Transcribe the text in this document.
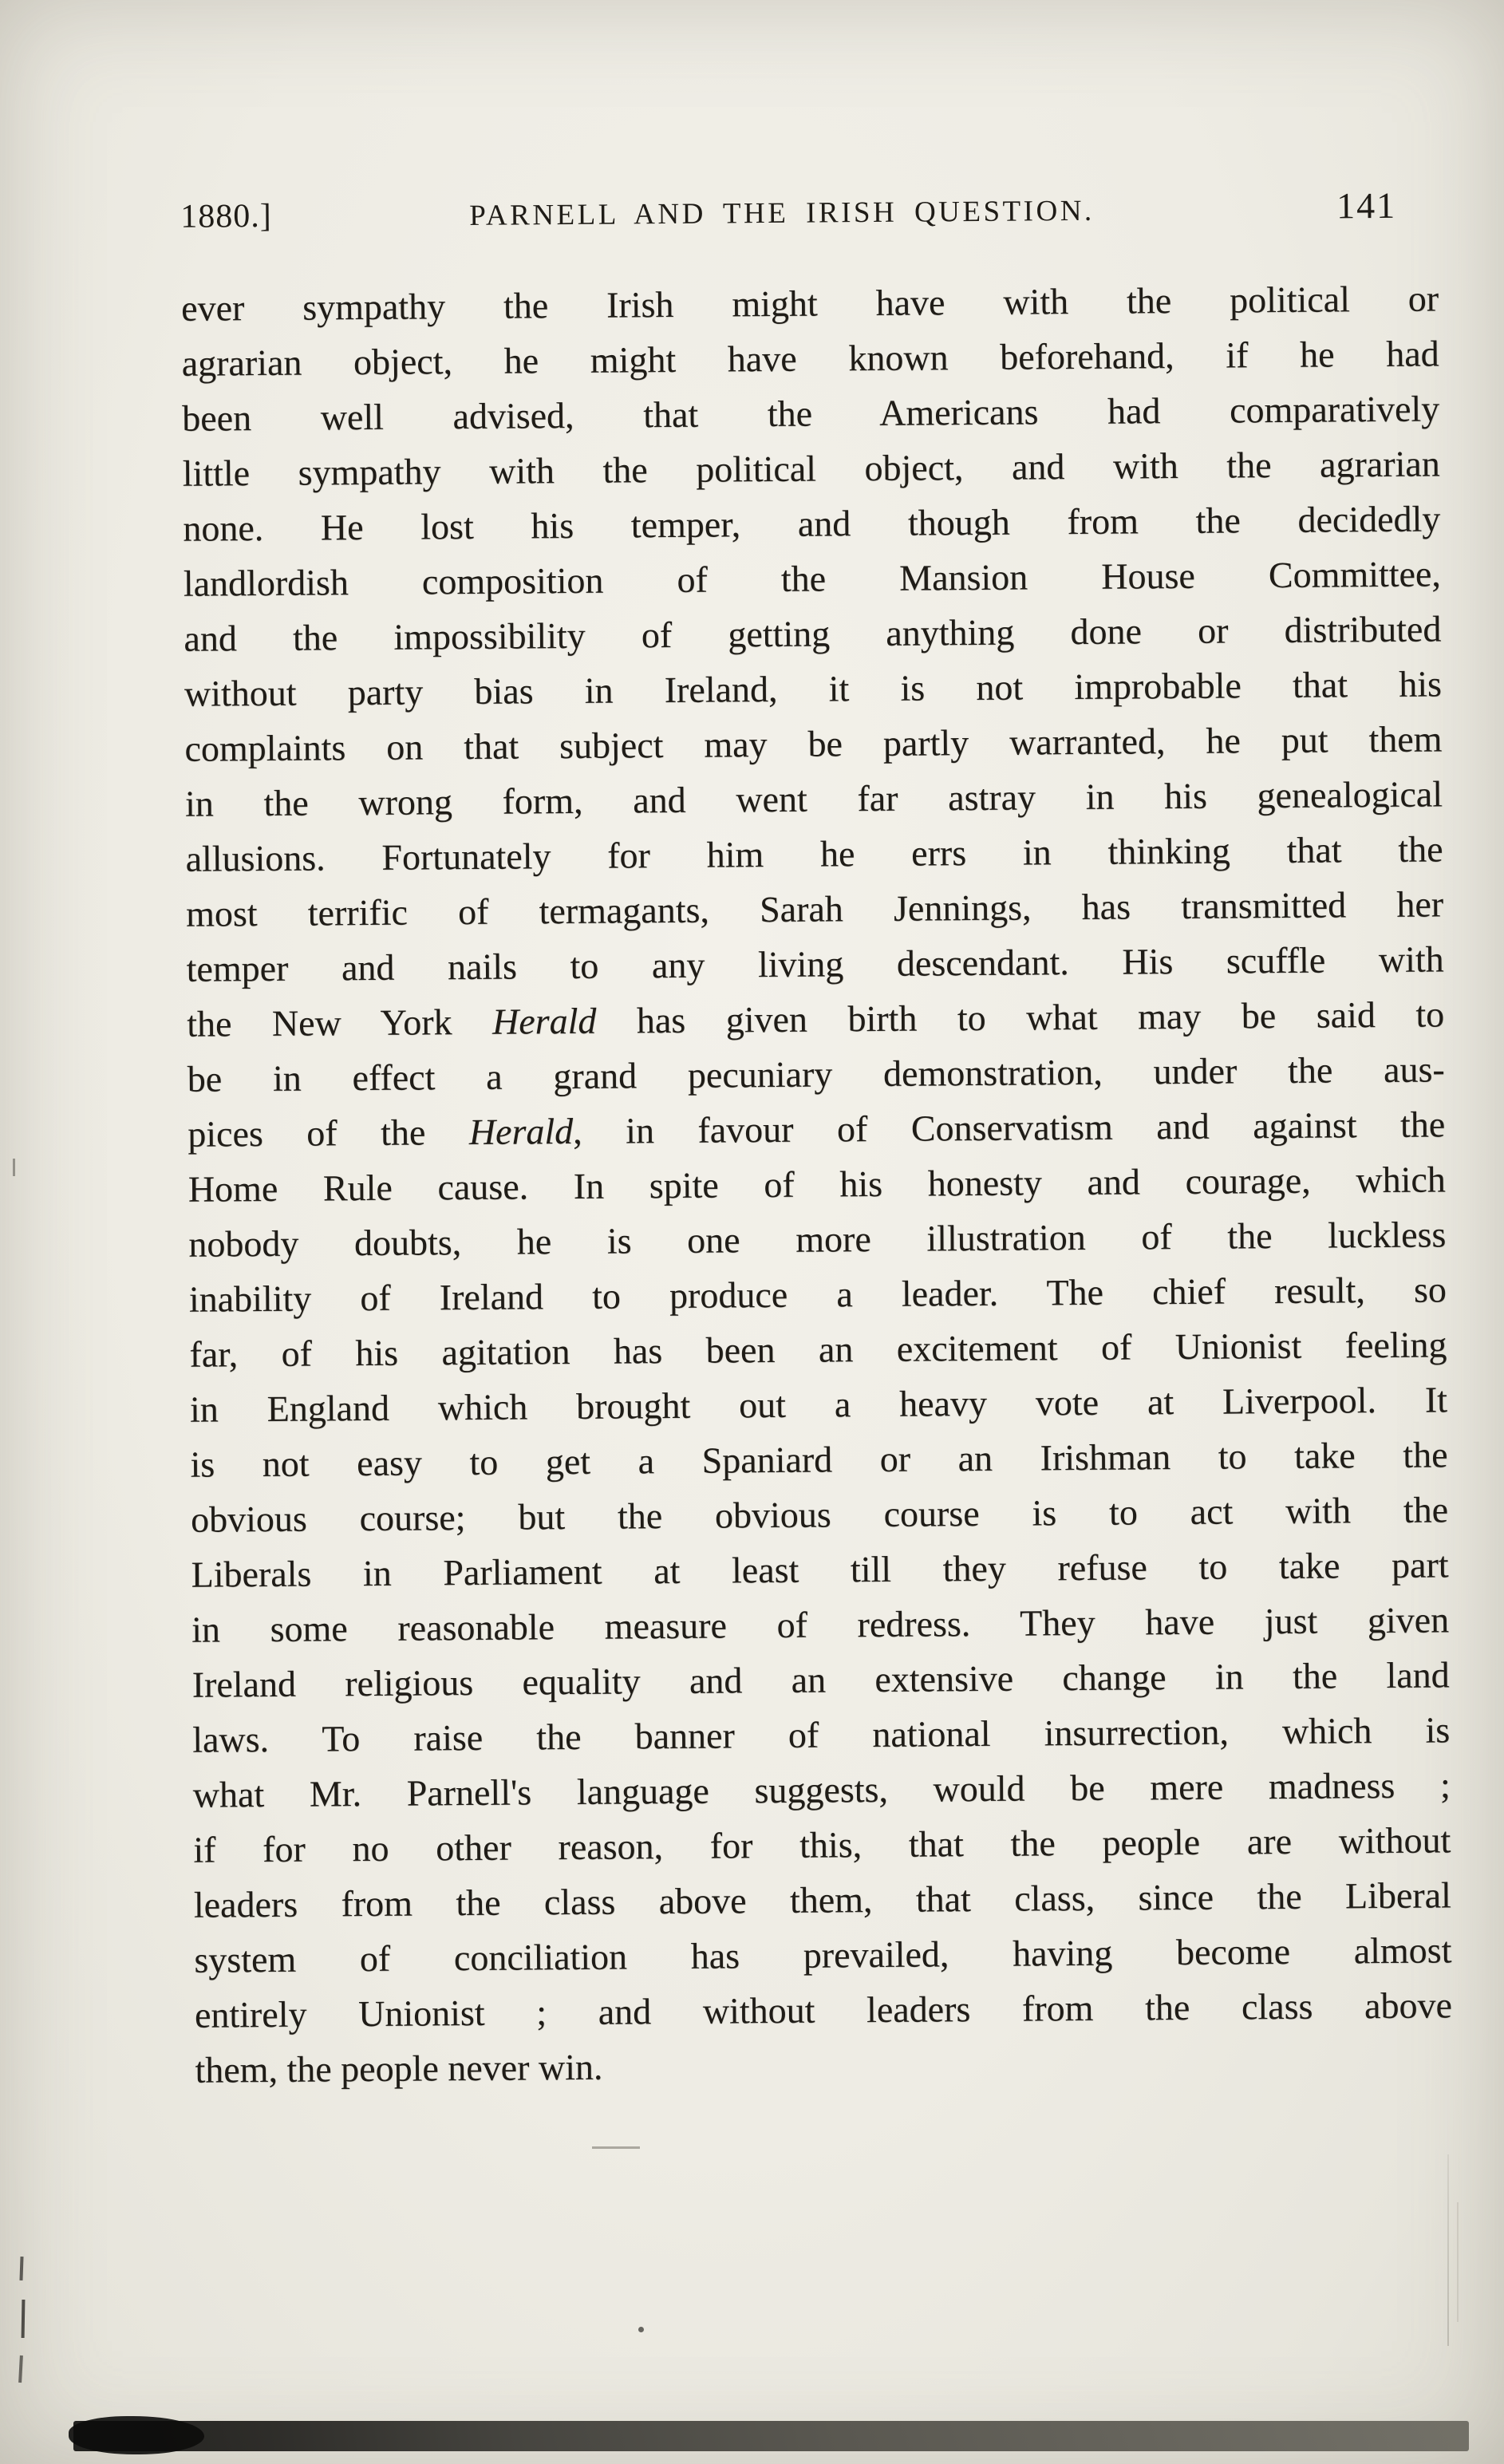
1880.]	PARNELL AND THE IRISH QUESTION.	141
ever sympathy the Irish might have with the political or
agrarian object, he might have known beforehand, if he had
been well advised, that the Americans had comparatively
little sympathy with the political object, and with the agrarian
none. He lost his temper, and though from the decidedly
landlordish composition of the Mansion House Committee,
and the impossibility of getting anything done or distributed
without party bias in Ireland, it is not improbable that his
complaints on that subject may be partly warranted, he put them
in the wrong form, and went far astray in his genealogical
allusions. Fortunately for him he errs in thinking that the
most terrific of termagants, Sarah Jennings, has transmitted her
temper and nails to any living descendant. His scuffle with
the New York Herald has given birth to what may be said to
be in effect a grand pecuniary demonstration, under the aus-
pices of the Herald, in favour of Conservatism and against the
Home Rule cause. In spite of his honesty and courage, which
nobody doubts, he is one more illustration of the luckless
inability of Ireland to produce a leader. The chief result, so
far, of his agitation has been an excitement of Unionist feeling
in England which brought out a heavy vote at Liverpool. It
is not easy to get a Spaniard or an Irishman to take the
obvious course; but the obvious course is to act with the
Liberals in Parliament at least till they refuse to take part
in some reasonable measure of redress. They have just given
Ireland religious equality and an extensive change in the land
laws. To raise the banner of national insurrection, which is
what Mr. Parnell's language suggests, would be mere madness ;
if for no other reason, for this, that the people are without
leaders from the class above them, that class, since the Liberal
system of conciliation has prevailed, having become almost
entirely Unionist ; and without leaders from the class above
them, the people never win.
